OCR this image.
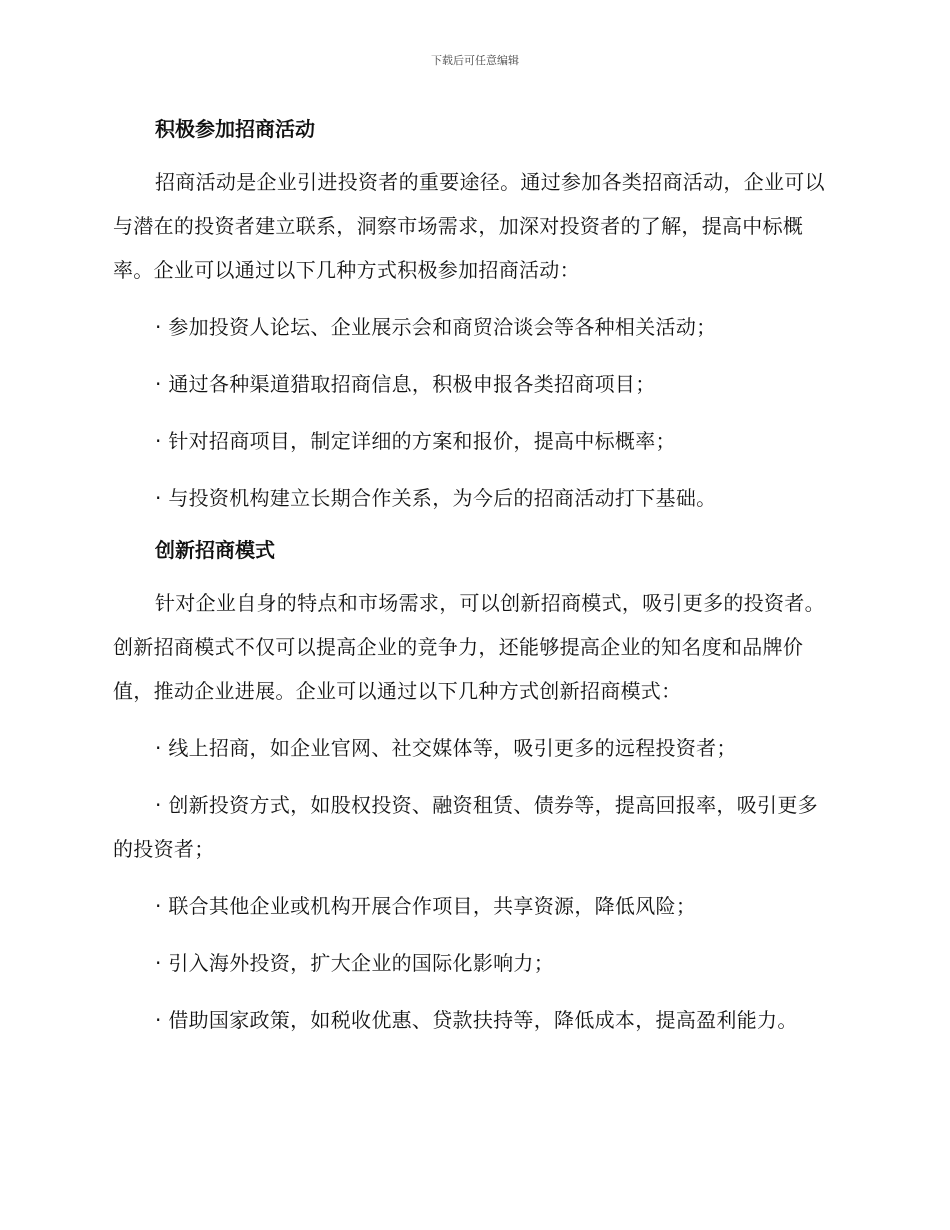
下载后可任意编辑
积极参加招商活动
招商活动是企业引进投资者的重要途径。通过参加各类招商活动，企业可以与潜在的投资者建立联系，洞察市场需求，加深对投资者的了解，提高中标概率。企业可以通过以下几种方式积极参加招商活动：
· 参加投资人论坛、企业展示会和商贸洽谈会等各种相关活动；
· 通过各种渠道猎取招商信息，积极申报各类招商项目；
· 针对招商项目，制定详细的方案和报价，提高中标概率；
· 与投资机构建立长期合作关系，为今后的招商活动打下基础。
创新招商模式
针对企业自身的特点和市场需求，可以创新招商模式，吸引更多的投资者。创新招商模式不仅可以提高企业的竞争力，还能够提高企业的知名度和品牌价值，推动企业进展。企业可以通过以下几种方式创新招商模式：
· 线上招商，如企业官网、社交媒体等，吸引更多的远程投资者；
· 创新投资方式，如股权投资、融资租赁、债券等，提高回报率，吸引更多的投资者；
· 联合其他企业或机构开展合作项目，共享资源，降低风险；
· 引入海外投资，扩大企业的国际化影响力；
· 借助国家政策，如税收优惠、贷款扶持等，降低成本，提高盈利能力。
